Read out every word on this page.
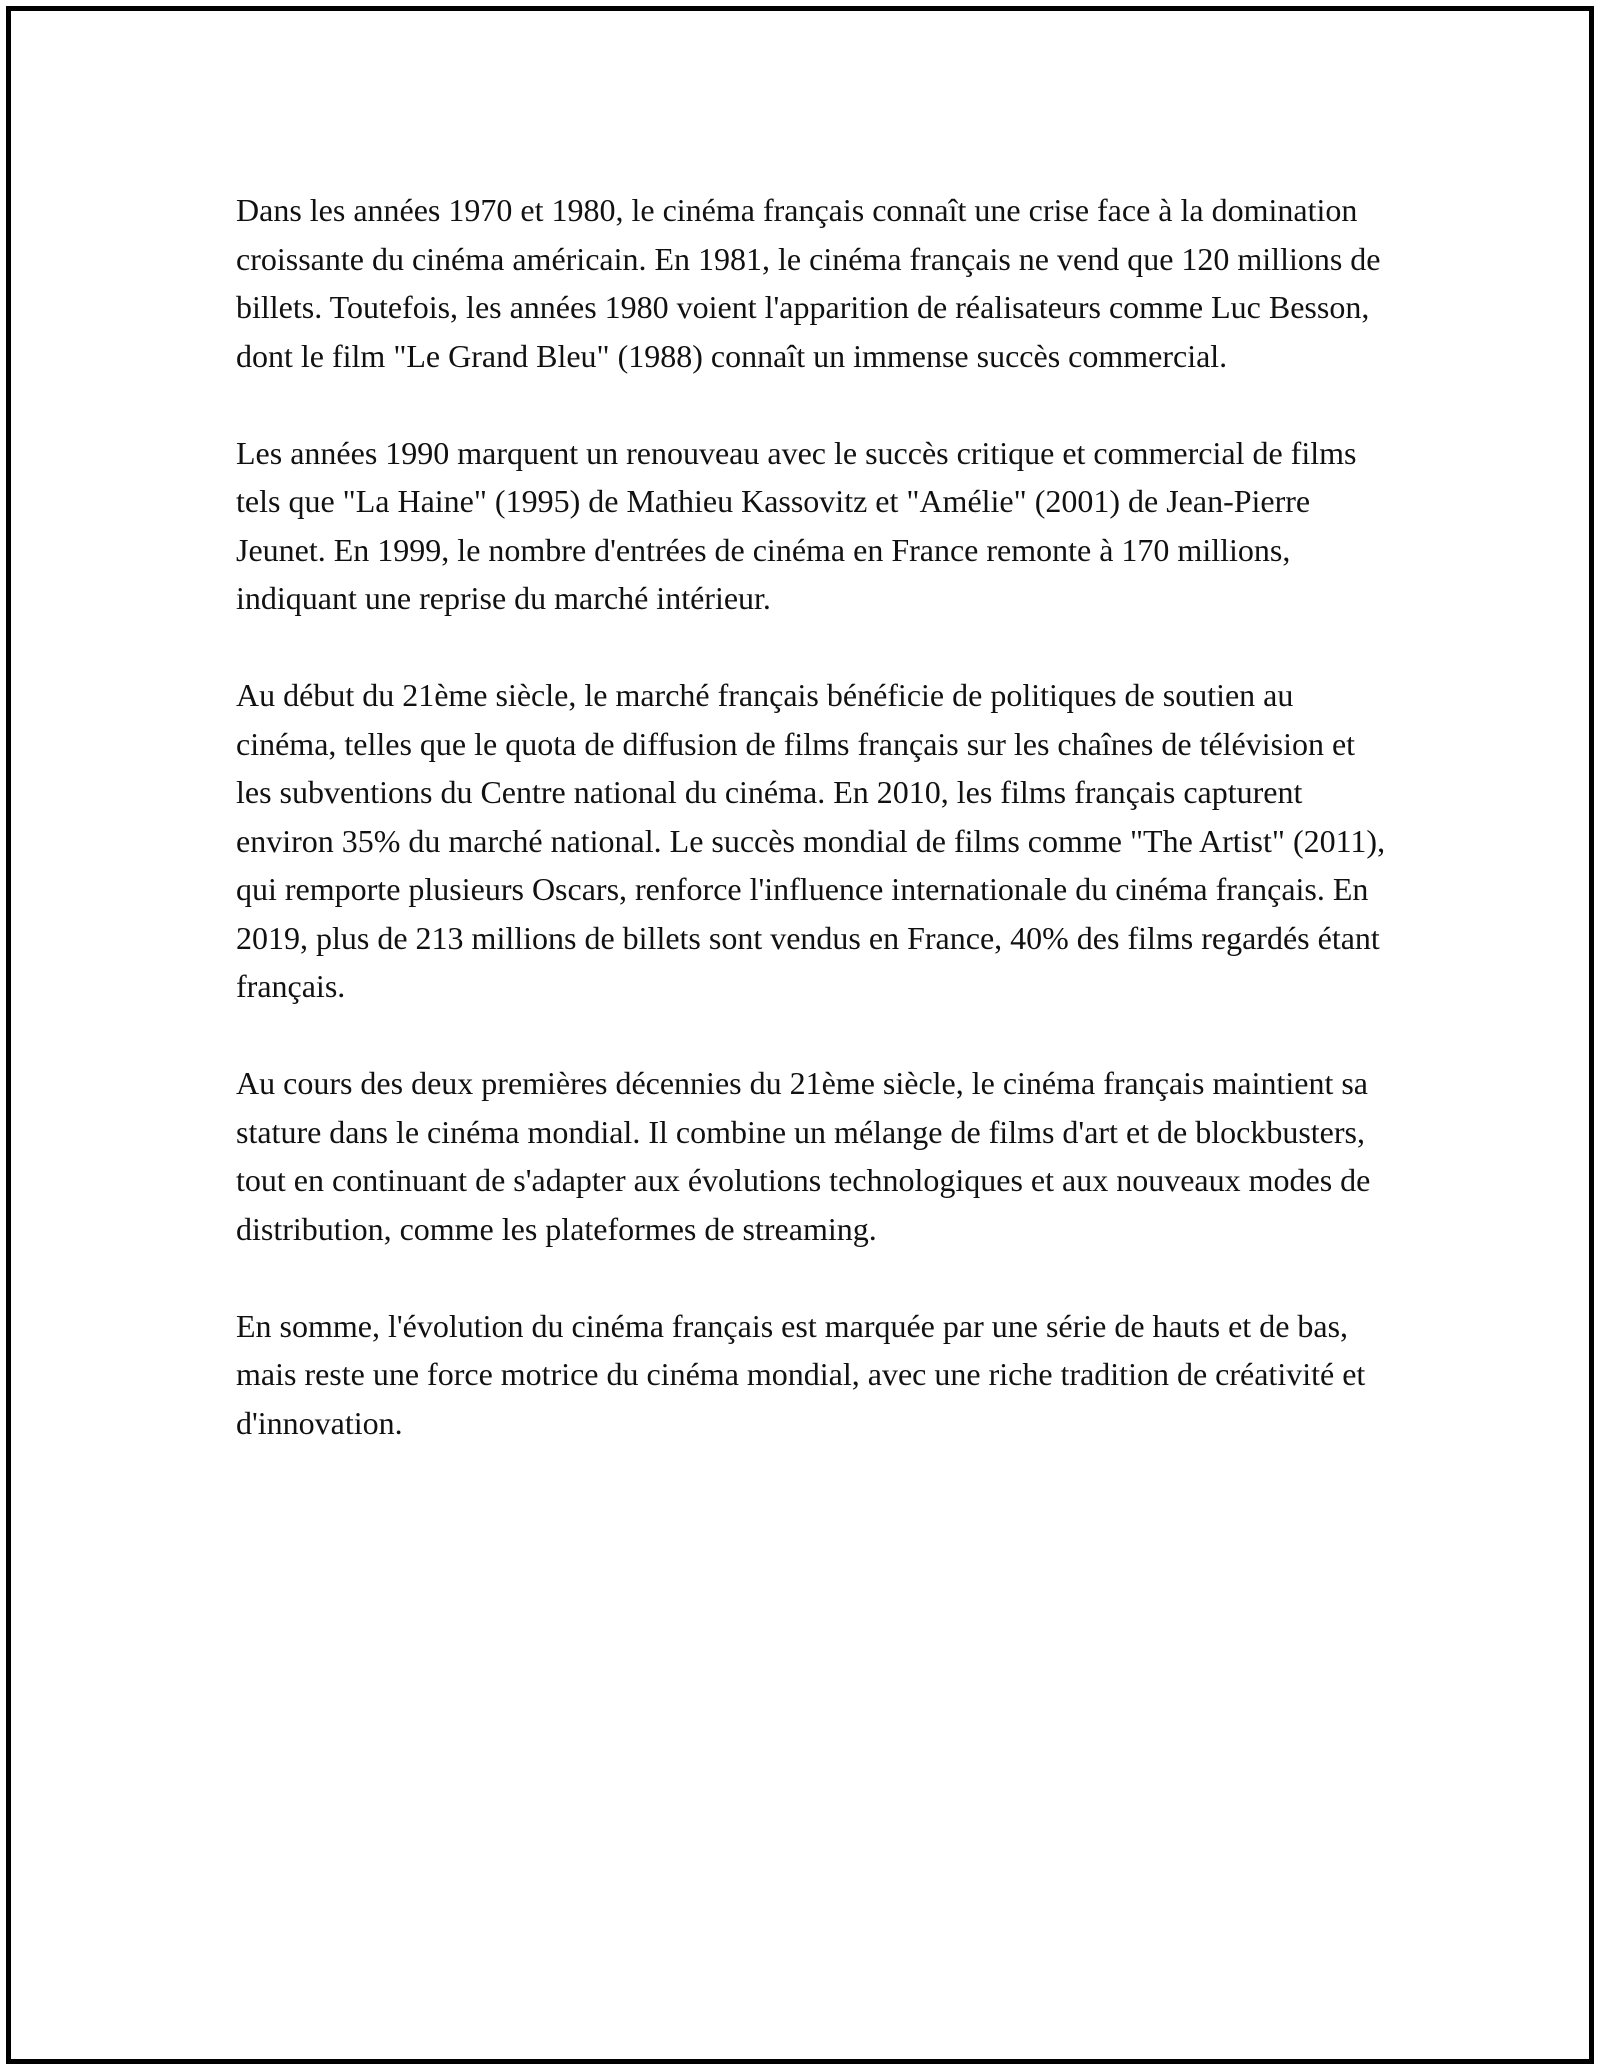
Dans les années 1970 et 1980, le cinéma français connaît une crise face à la domination croissante du cinéma américain. En 1981, le cinéma français ne vend que 120 millions de billets. Toutefois, les années 1980 voient l'apparition de réalisateurs comme Luc Besson, dont le film "Le Grand Bleu" (1988) connaît un immense succès commercial.

Les années 1990 marquent un renouveau avec le succès critique et commercial de films tels que "La Haine" (1995) de Mathieu Kassovitz et "Amélie" (2001) de Jean-Pierre Jeunet. En 1999, le nombre d'entrées de cinéma en France remonte à 170 millions, indiquant une reprise du marché intérieur.

Au début du 21ème siècle, le marché français bénéficie de politiques de soutien au cinéma, telles que le quota de diffusion de films français sur les chaînes de télévision et les subventions du Centre national du cinéma. En 2010, les films français capturent environ 35% du marché national. Le succès mondial de films comme "The Artist" (2011), qui remporte plusieurs Oscars, renforce l'influence internationale du cinéma français. En 2019, plus de 213 millions de billets sont vendus en France, 40% des films regardés étant français.

Au cours des deux premières décennies du 21ème siècle, le cinéma français maintient sa stature dans le cinéma mondial. Il combine un mélange de films d'art et de blockbusters, tout en continuant de s'adapter aux évolutions technologiques et aux nouveaux modes de distribution, comme les plateformes de streaming.

En somme, l'évolution du cinéma français est marquée par une série de hauts et de bas, mais reste une force motrice du cinéma mondial, avec une riche tradition de créativité et d'innovation.
